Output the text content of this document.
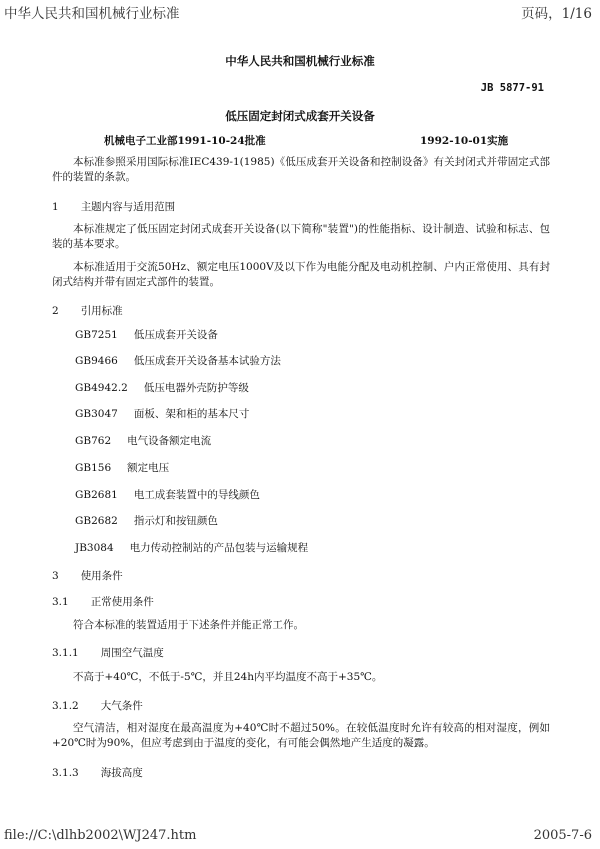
中华人民共和国机械行业标准	页码，1/16
中华人民共和国机械行业标准
JB 5877-91
低压固定封闭式成套开关设备
机械电子工业部1991-10-24批准	1992-10-01实施
本标准参照采用国际标准IEC439-1(1985)《低压成套开关设备和控制设备》有关封闭式并带固定式部件的装置的条款。
1 主题内容与适用范围
本标准规定了低压固定封闭式成套开关设备(以下简称"装置")的性能指标、设计制造、试验和标志、包装的基本要求。
本标准适用于交流50Hz、额定电压1000V及以下作为电能分配及电动机控制、户内正常使用、具有封闭式结构并带有固定式部件的装置。
2 引用标准
GB7251 低压成套开关设备
GB9466 低压成套开关设备基本试验方法
GB4942.2 低压电器外壳防护等级
GB3047 面板、架和柜的基本尺寸
GB762 电气设备额定电流
GB156 额定电压
GB2681 电工成套装置中的导线颜色
GB2682 指示灯和按钮颜色
JB3084 电力传动控制站的产品包装与运输规程
3 使用条件
3.1 正常使用条件
符合本标准的装置适用于下述条件并能正常工作。
3.1.1 周围空气温度
不高于+40℃，不低于-5℃，并且24h内平均温度不高于+35℃。
3.1.2 大气条件
空气清洁，相对湿度在最高温度为+40℃时不超过50%。在较低温度时允许有较高的相对湿度，例如+20℃时为90%，但应考虑到由于温度的变化，有可能会偶然地产生适度的凝露。
3.1.3 海拔高度
file://C:\dlhb2002\WJ247.htm	2005-7-6
